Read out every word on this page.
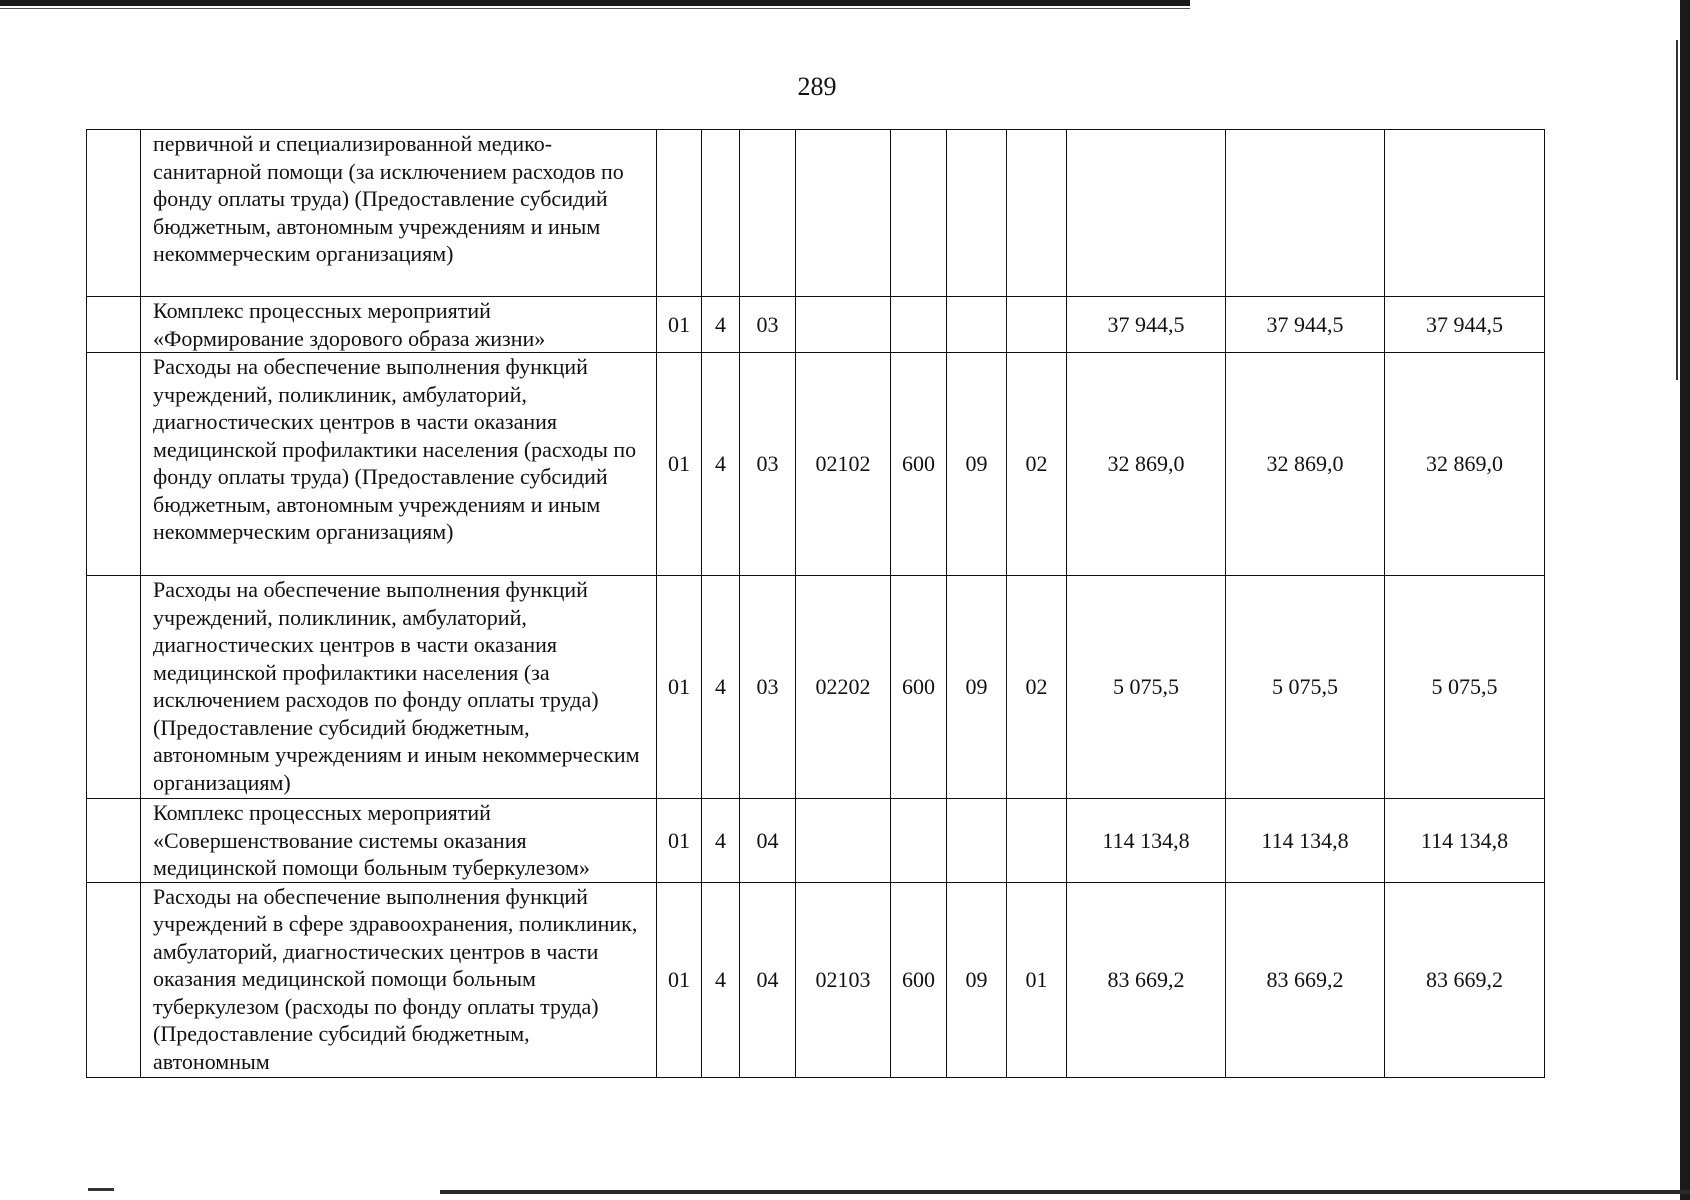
289
	первичной и специализированной медико-санитарной помощи (за исключением расходов по фонду оплаты труда) (Предоставление субсидий бюджетным, автономным учреждениям и иным некоммерческим организациям)										
	Комплекс процессных мероприятий «Формирование здорового образа жизни»	01	4	03					37 944,5	37 944,5	37 944,5
	Расходы на обеспечение выполнения функций учреждений, поликлиник, амбулаторий, диагностических центров в части оказания медицинской профилактики населения (расходы по фонду оплаты труда) (Предоставление субсидий бюджетным, автономным учреждениям и иным некоммерческим организациям)	01	4	03	02102	600	09	02	32 869,0	32 869,0	32 869,0
	Расходы на обеспечение выполнения функций учреждений, поликлиник, амбулаторий, диагностических центров в части оказания медицинской профилактики населения (за исключением расходов по фонду оплаты труда) (Предоставление субсидий бюджетным, автономным учреждениям и иным некоммерческим организациям)	01	4	03	02202	600	09	02	5 075,5	5 075,5	5 075,5
	Комплекс процессных мероприятий «Совершенствование системы оказания медицинской помощи больным туберкулезом»	01	4	04					114 134,8	114 134,8	114 134,8
	Расходы на обеспечение выполнения функций учреждений в сфере здравоохранения, поликлиник, амбулаторий, диагностических центров в части оказания медицинской помощи больным туберкулезом (расходы по фонду оплаты труда) (Предоставление субсидий бюджетным, автономным	01	4	04	02103	600	09	01	83 669,2	83 669,2	83 669,2
